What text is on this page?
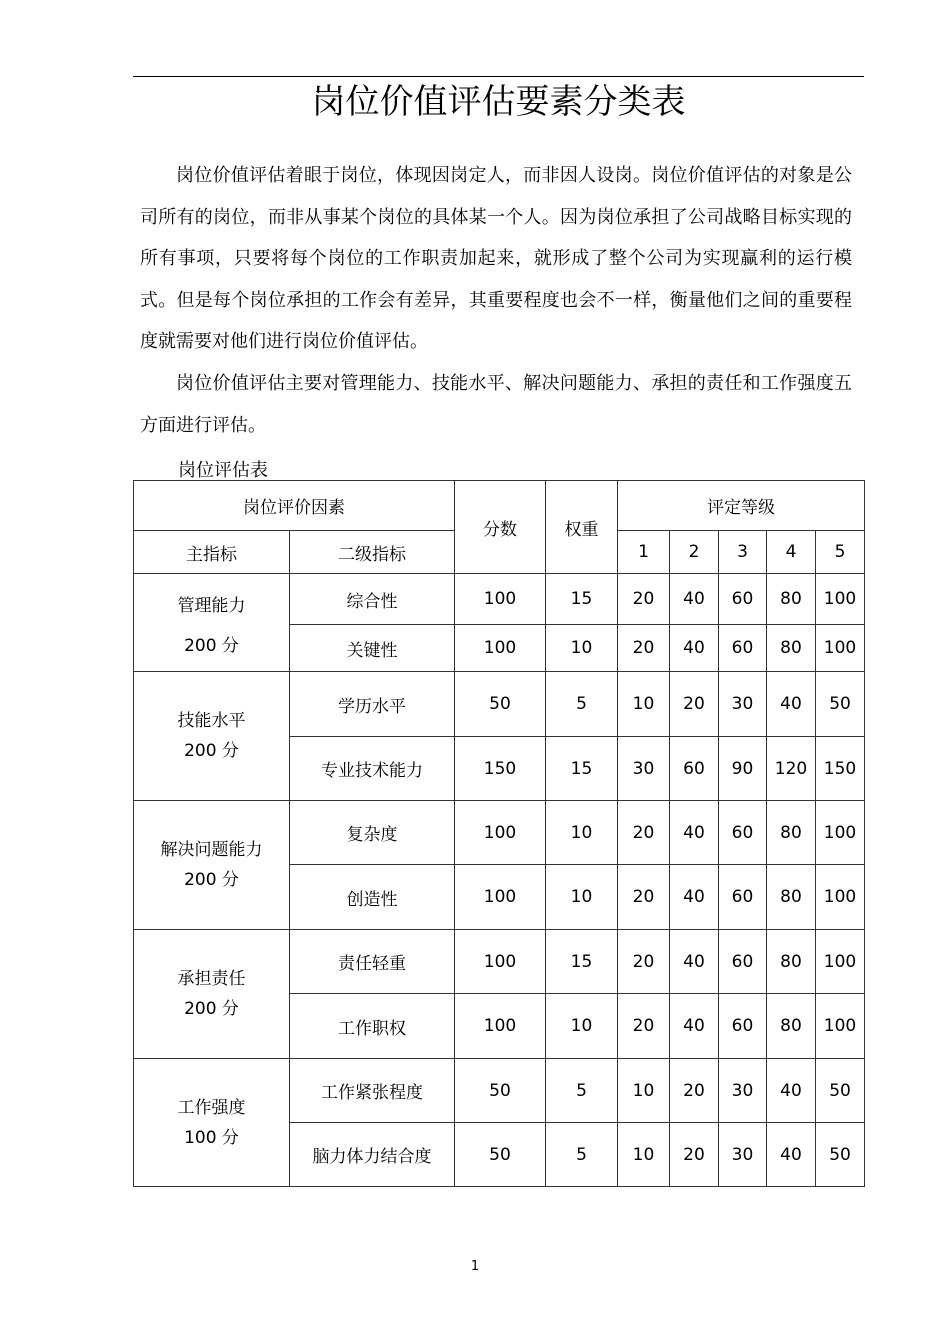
岗位价值评估要素分类表

岗位价值评估着眼于岗位，体现因岗定人，而非因人设岗。岗位价值评估的对象是公司所有的岗位，而非从事某个岗位的具体某一个人。因为岗位承担了公司战略目标实现的所有事项，只要将每个岗位的工作职责加起来，就形成了整个公司为实现赢利的运行模式。但是每个岗位承担的工作会有差异，其重要程度也会不一样，衡量他们之间的重要程度就需要对他们进行岗位价值评估。

岗位价值评估主要对管理能力、技能水平、解决问题能力、承担的责任和工作强度五方面进行评估。

岗位评估表
岗位评价因素		分数	权重	评定等级				
主指标	二级指标			1	2	3	4	5

管理能力
200 分	综合性	100	15	20	40	60	80	100
	关键性	100	10	20	40	60	80	100

技能水平
200 分	学历水平	50	5	10	20	30	40	50
	专业技术能力	150	15	30	60	90	120	150

解决问题能力
200 分	复杂度	100	10	20	40	60	80	100
	创造性	100	10	20	40	60	80	100

承担责任
200 分	责任轻重	100	15	20	40	60	80	100
	工作职权	100	10	20	40	60	80	100

工作强度
100 分	工作紧张程度	50	5	10	20	30	40	50
	脑力体力结合度	50	5	10	20	30	40	50
1
